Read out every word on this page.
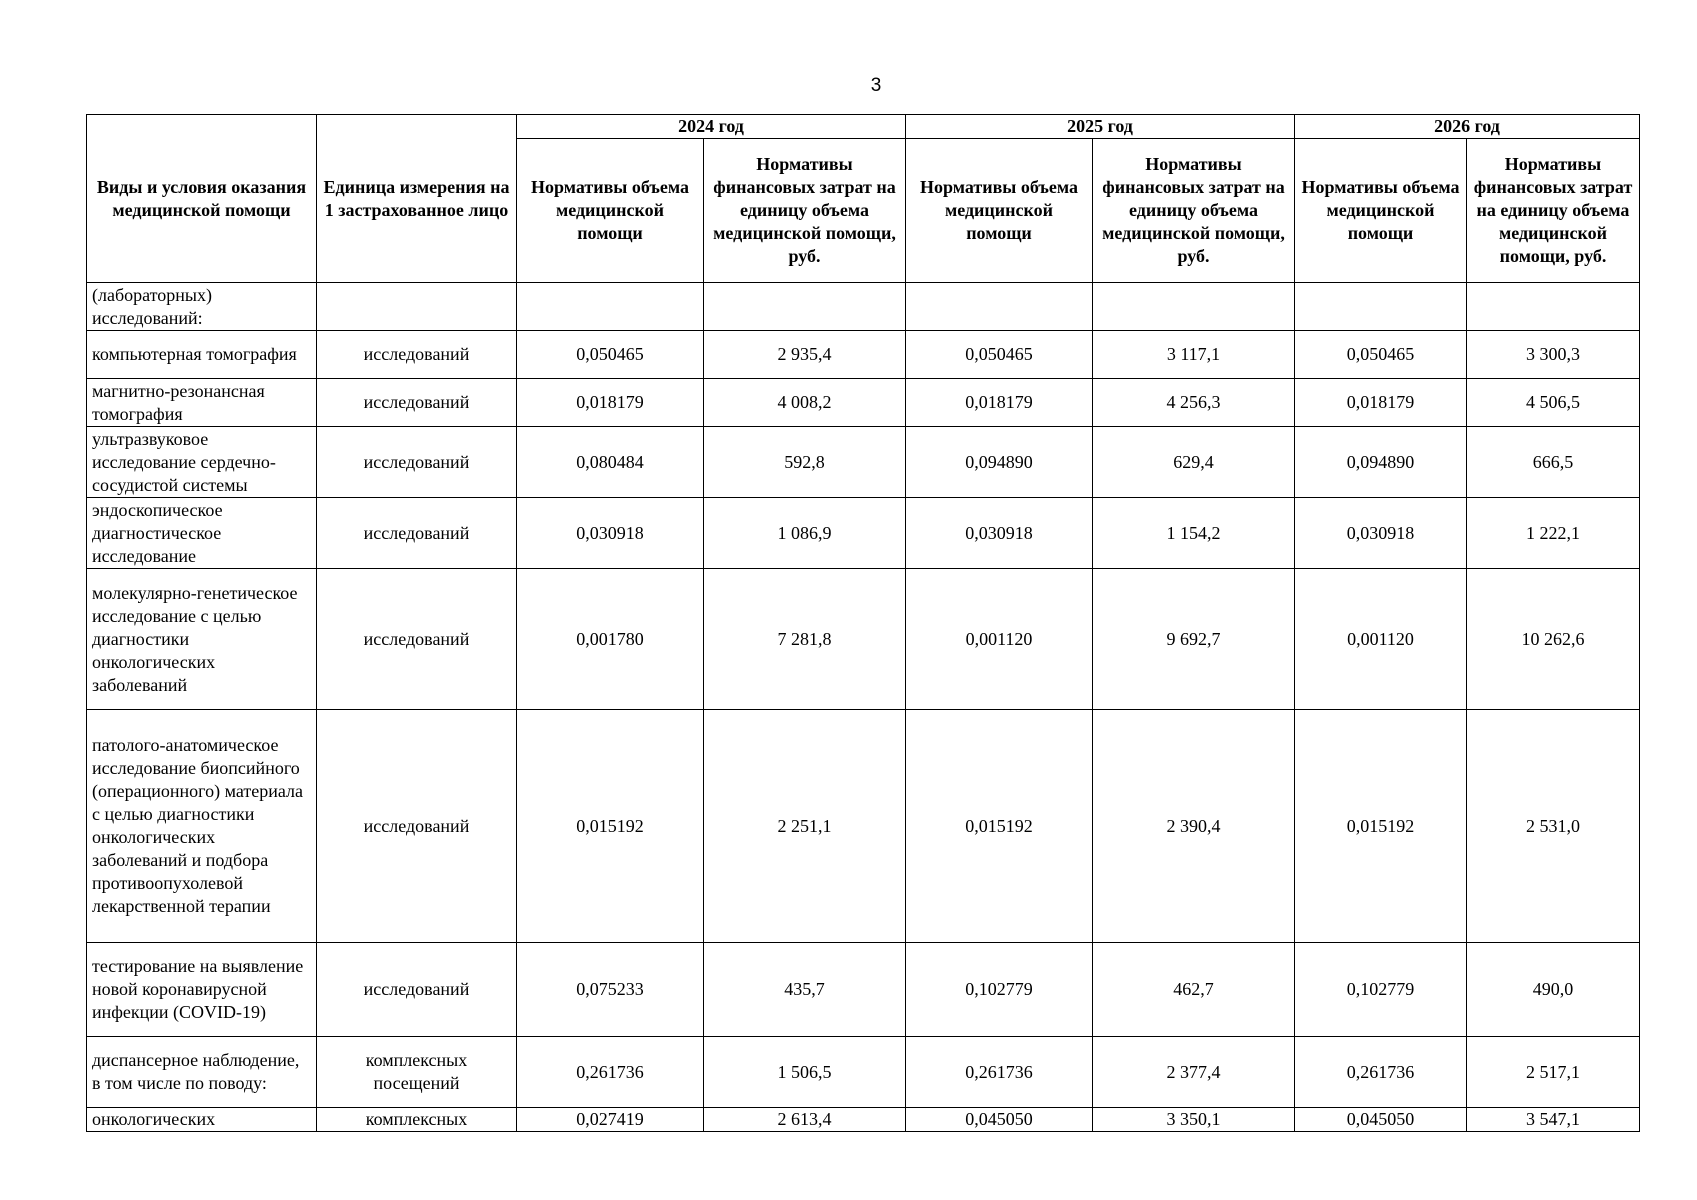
3
Виды и условия оказания медицинской помощи	Единица измерения на 1 застрахованное лицо	2024 год		2025 год		2026 год	
		Нормативы объема медицинской помощи	Нормативы финансовых затрат на единицу объема медицинской помощи, руб.	Нормативы объема медицинской помощи	Нормативы финансовых затрат на единицу объема медицинской помощи, руб.	Нормативы объема медицинской помощи	Нормативы финансовых затрат на единицу объема медицинской помощи, руб.
(лабораторных) исследований:							
компьютерная томография	исследований	0,050465	2 935,4	0,050465	3 117,1	0,050465	3 300,3
магнитно-резонансная томография	исследований	0,018179	4 008,2	0,018179	4 256,3	0,018179	4 506,5
ультразвуковое исследование сердечно-сосудистой системы	исследований	0,080484	592,8	0,094890	629,4	0,094890	666,5
эндоскопическое диагностическое исследование	исследований	0,030918	1 086,9	0,030918	1 154,2	0,030918	1 222,1
молекулярно-генетическое исследование с целью диагностики онкологических заболеваний	исследований	0,001780	7 281,8	0,001120	9 692,7	0,001120	10 262,6
патолого-анатомическое исследование биопсийного (операционного) материала с целью диагностики онкологических заболеваний и подбора противоопухолевой лекарственной терапии	исследований	0,015192	2 251,1	0,015192	2 390,4	0,015192	2 531,0
тестирование на выявление новой коронавирусной инфекции (COVID-19)	исследований	0,075233	435,7	0,102779	462,7	0,102779	490,0
диспансерное наблюдение, в том числе по поводу:	комплексных посещений	0,261736	1 506,5	0,261736	2 377,4	0,261736	2 517,1
онкологических	комплексных	0,027419	2 613,4	0,045050	3 350,1	0,045050	3 547,1
